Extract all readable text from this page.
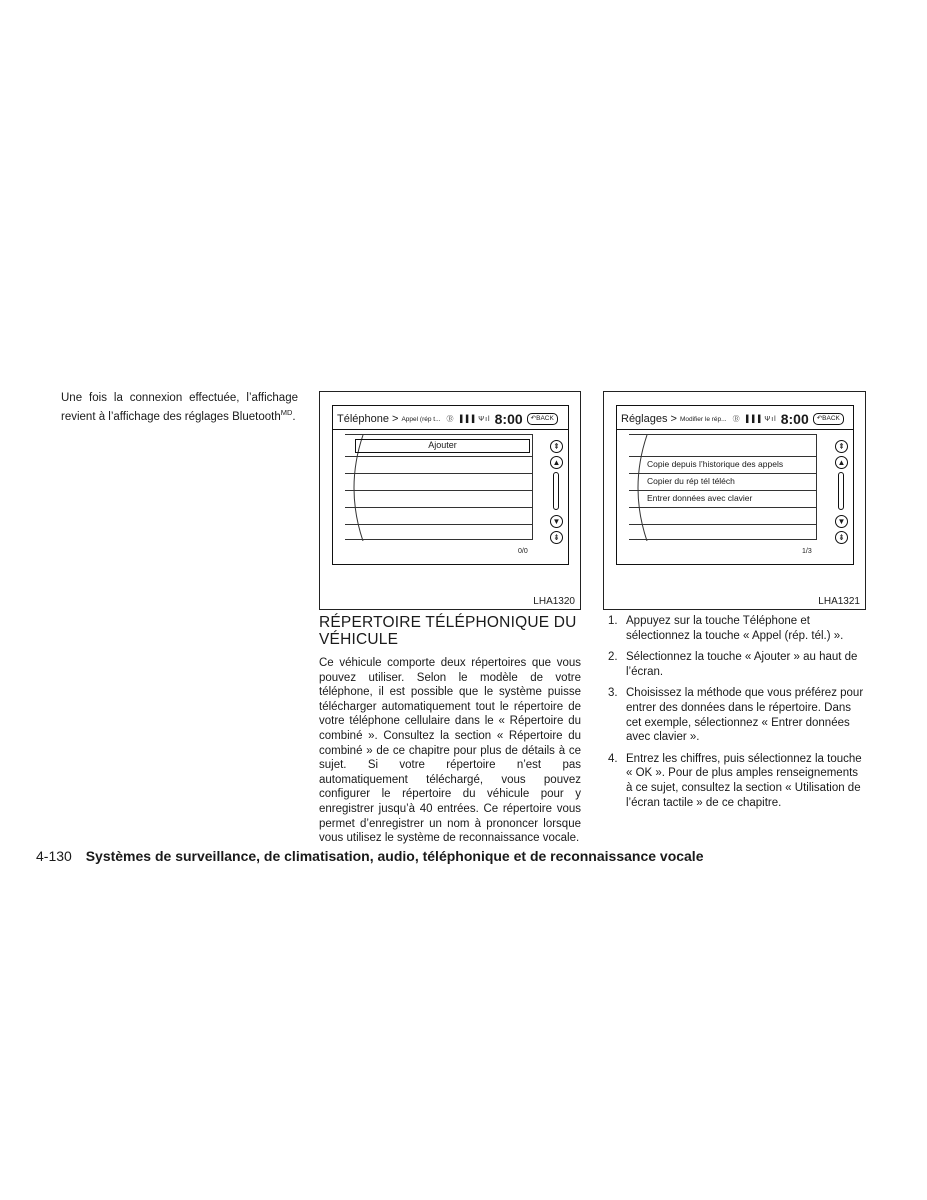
Une fois la connexion effectuée, l’affichage revient à l’affichage des réglages Bluetooth$^{MD}$.	Téléphone > Appel (rép t... Ⓑ ▐▐▐ Ψıl 8:00	↶BACK
Ajouter	⇞
▲
▼
⇟
0/0
LHA1320
Réglages > Modifier le rép... Ⓑ ▐▐▐ Ψıl 8:00	↶BACK
Copie depuis l’historique des appels
Copier du rép tél téléch
Entrer données avec clavier
⇞
▲
▼
⇟
1/3
LHA1321
RÉPERTOIRE TÉLÉPHONIQUE DU
VÉHICULE
Ce véhicule comporte deux répertoires que vous pouvez utiliser. Selon le modèle de votre téléphone, il est possible que le système puisse télécharger automatiquement tout le répertoire de votre téléphone cellulaire dans le « Répertoire du combiné ». Consultez la section « Répertoire du combiné » de ce chapitre pour plus de détails à ce sujet. Si votre répertoire n’est pas automatiquement téléchargé, vous pouvez configurer le répertoire du véhicule pour y enregistrer jusqu’à 40 entrées. Ce répertoire vous permet d’enregistrer un nom à prononcer lorsque vous utilisez le système de reconnaissance vocale.
1. Appuyez sur la touche Téléphone et sélectionnez la touche « Appel (rép. tél.) ».
2. Sélectionnez la touche « Ajouter » au haut de l’écran.
3. Choisissez la méthode que vous préférez pour entrer des données dans le répertoire. Dans cet exemple, sélectionnez « Entrer données avec clavier ».
4. Entrez les chiffres, puis sélectionnez la touche « OK ». Pour de plus amples renseignements à ce sujet, consultez la section « Utilisation de l’écran tactile » de ce chapitre.
4-130 Systèmes de surveillance, de climatisation, audio, téléphonique et de reconnaissance vocale
